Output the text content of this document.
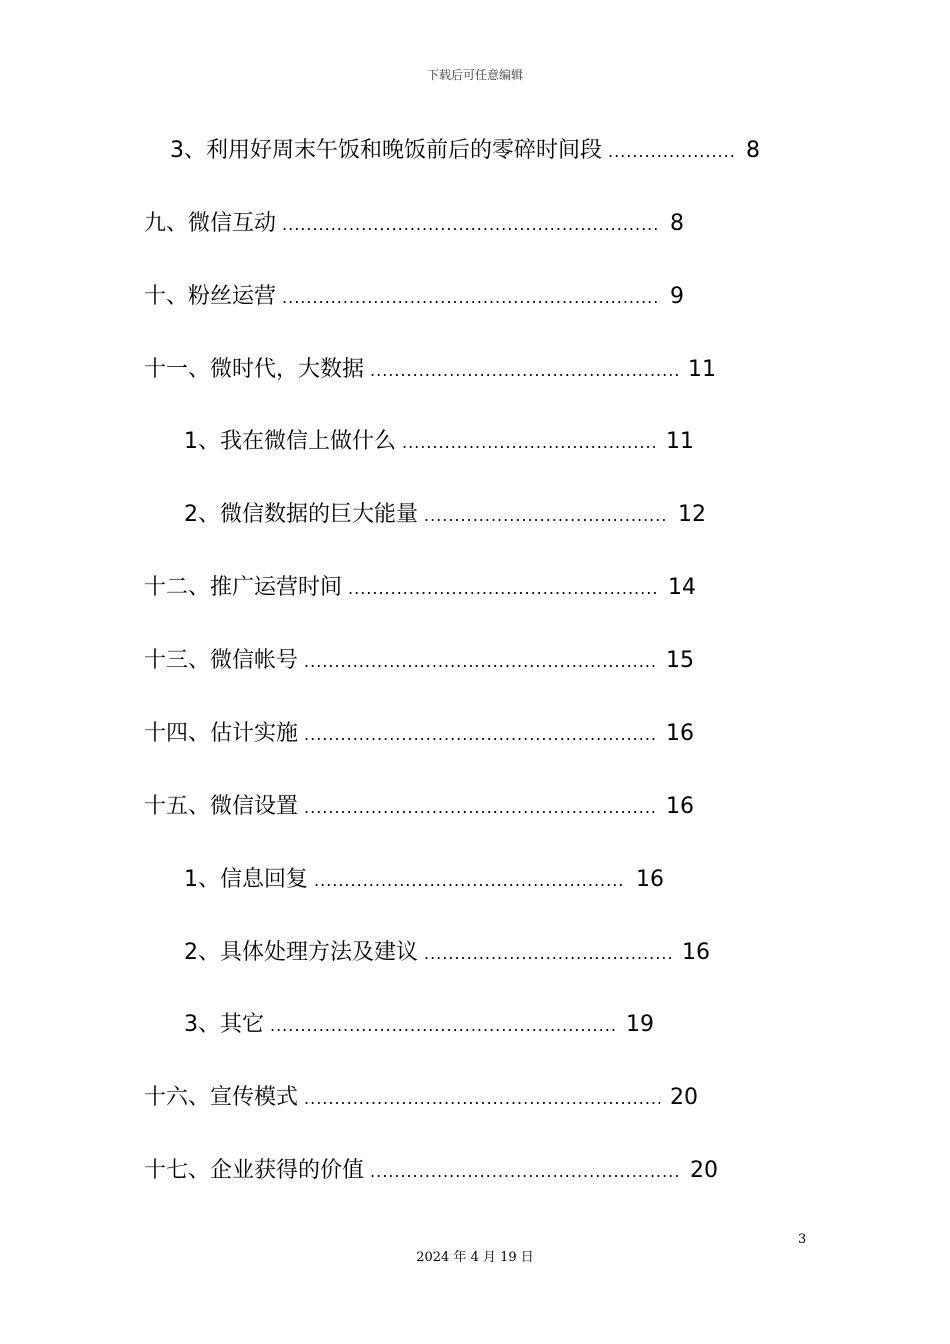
下载后可任意编辑
3、利用好周末午饭和晚饭前后的零碎时间段 .....	8
九、微信互动 .....	8
十、粉丝运营 .....	9
十一、微时代，大数据 .....	11
1、我在微信上做什么 .....	11
2、微信数据的巨大能量 .....	12
十二、推广运营时间 .....	14
十三、微信帐号 .....	15
十四、估计实施 .....	16
十五、微信设置 .....	16
1、信息回复 .....	16
2、具体处理方法及建议 .....	16
3、其它 .....	19
十六、宣传模式 .....	20
十七、企业获得的价值 .....	20
3
2024 年 4 月 19 日
